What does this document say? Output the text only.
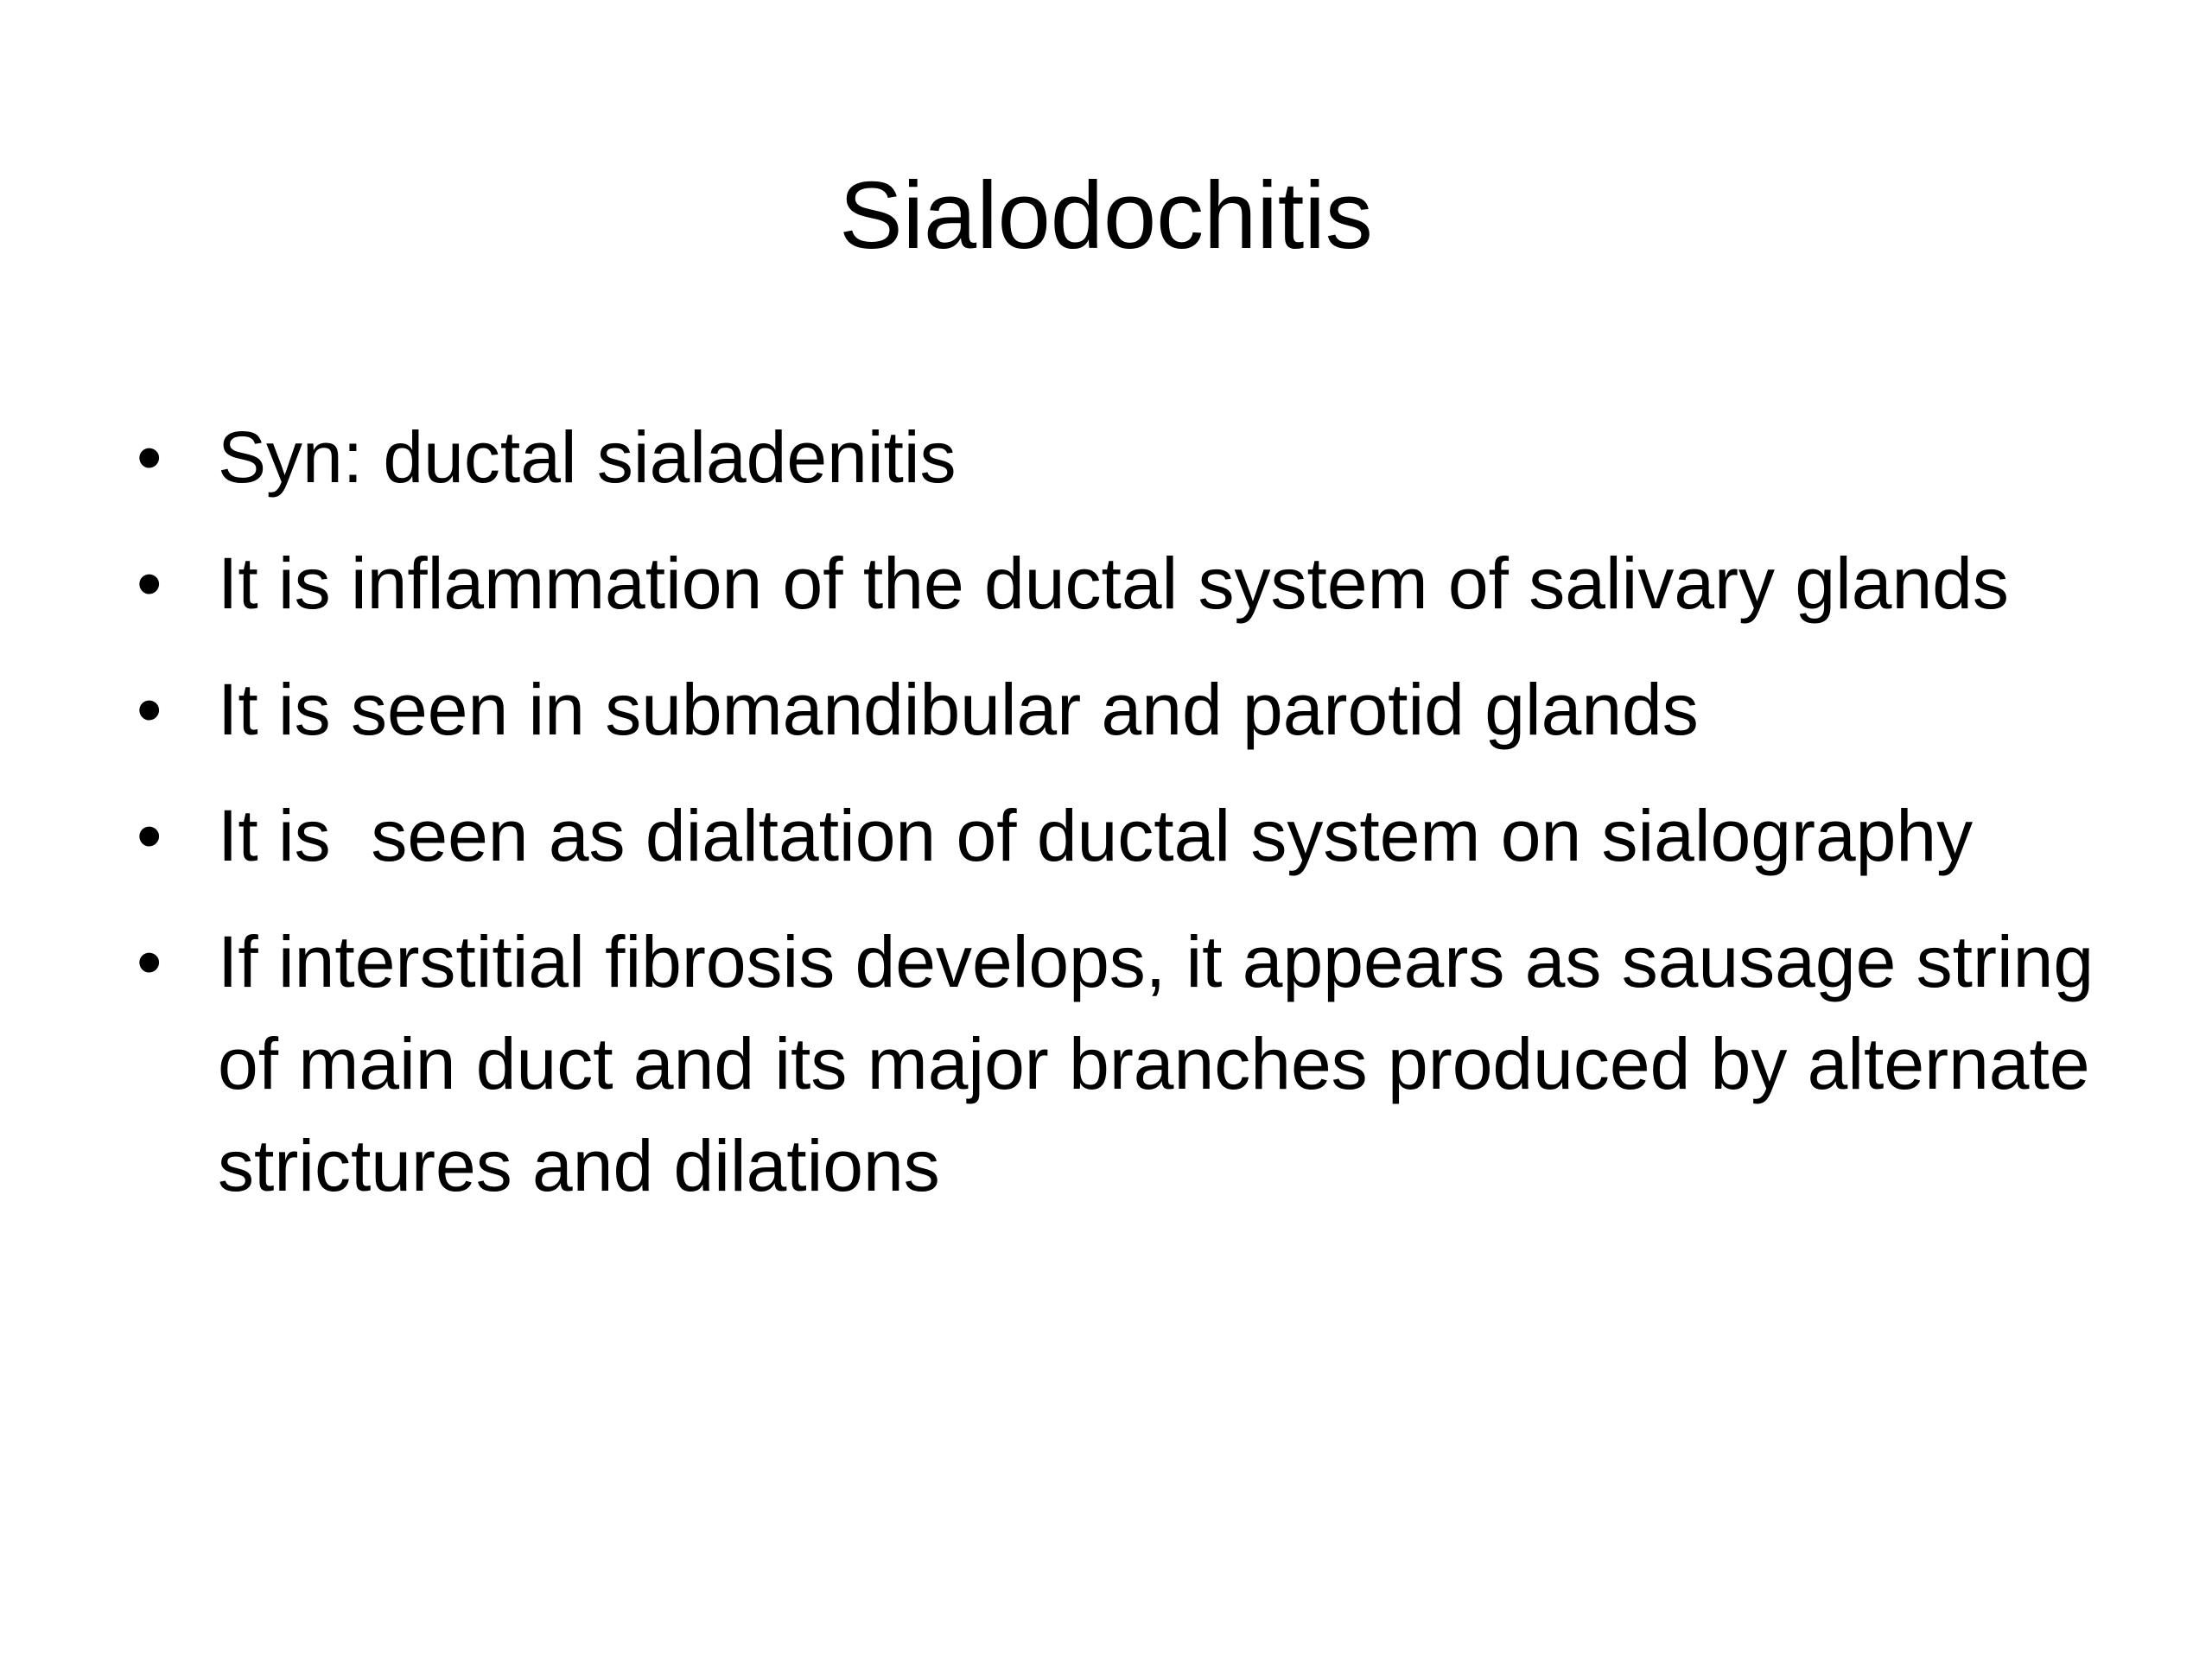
Sialodochitis
• Syn: ductal sialadenitis
• It is inflammation of the ductal system of salivary glands
• It is seen in submandibular and parotid glands
• It is  seen as dialtation of ductal system on sialography
• If interstitial fibrosis develops, it appears as sausage string of main duct and its major branches produced by alternate strictures and dilations
